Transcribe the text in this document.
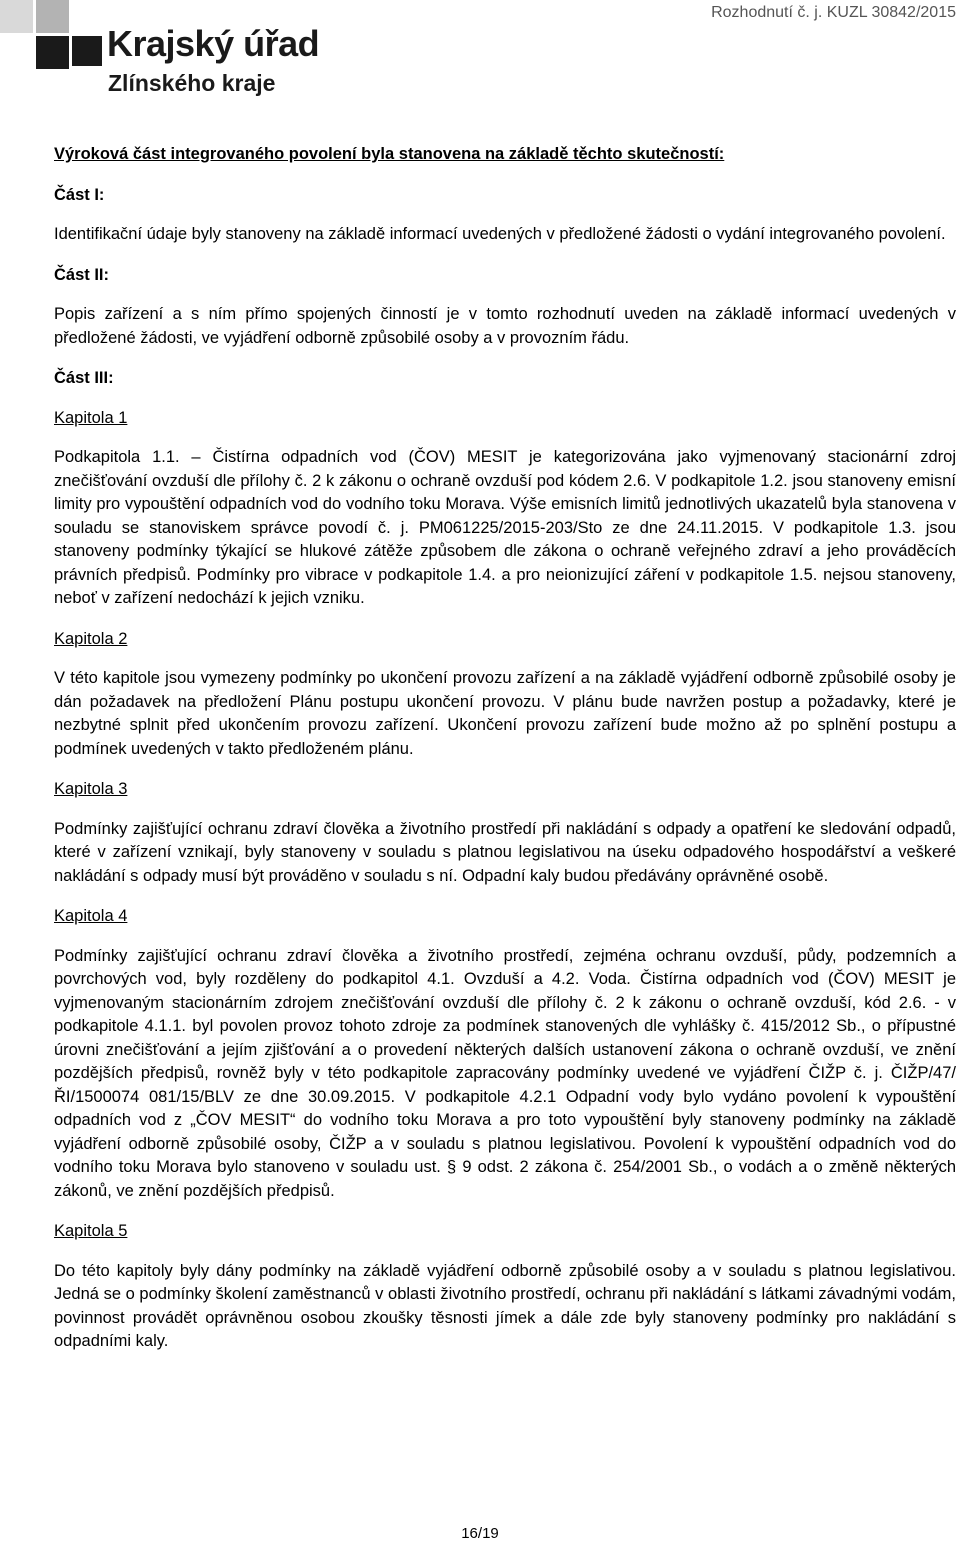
Krajský úřad
Zlínského kraje
Rozhodnutí č. j. KUZL 30842/2015

Výroková část integrovaného povolení byla stanovena na základě těchto skutečností:

Část I:

Identifikační údaje byly stanoveny na základě informací uvedených v předložené žádosti o vydání integrovaného povolení.

Část II:

Popis zařízení a s ním přímo spojených činností je v tomto rozhodnutí uveden na základě informací uvedených v předložené žádosti, ve vyjádření odborně způsobilé osoby a v provozním řádu.

Část III:

Kapitola 1

Podkapitola 1.1. – Čistírna odpadních vod (ČOV) MESIT je kategorizována jako vyjmenovaný stacionární zdroj znečišťování ovzduší dle přílohy č. 2 k zákonu o ochraně ovzduší pod kódem 2.6. V podkapitole 1.2. jsou stanoveny emisní limity pro vypouštění odpadních vod do vodního toku Morava. Výše emisních limitů jednotlivých ukazatelů byla stanovena v souladu se stanoviskem správce povodí č. j. PM061225/2015-203/Sto ze dne 24.11.2015. V podkapitole 1.3. jsou stanoveny podmínky týkající se hlukové zátěže způsobem dle zákona o ochraně veřejného zdraví a jeho prováděcích právních předpisů. Podmínky pro vibrace v podkapitole 1.4. a pro neionizující záření v podkapitole 1.5. nejsou stanoveny, neboť v zařízení nedochází k jejich vzniku.

Kapitola 2

V této kapitole jsou vymezeny podmínky po ukončení provozu zařízení a na základě vyjádření odborně způsobilé osoby je dán požadavek na předložení Plánu postupu ukončení provozu. V plánu bude navržen postup a požadavky, které je nezbytné splnit před ukončením provozu zařízení. Ukončení provozu zařízení bude možno až po splnění postupu a podmínek uvedených v takto předloženém plánu.

Kapitola 3

Podmínky zajišťující ochranu zdraví člověka a životního prostředí při nakládání s odpady a opatření ke sledování odpadů, které v zařízení vznikají, byly stanoveny v souladu s platnou legislativou na úseku odpadového hospodářství a veškeré nakládání s odpady musí být prováděno v souladu s ní. Odpadní kaly budou předávány oprávněné osobě.

Kapitola 4

Podmínky zajišťující ochranu zdraví člověka a životního prostředí, zejména ochranu ovzduší, půdy, podzemních a povrchových vod, byly rozděleny do podkapitol 4.1. Ovzduší a 4.2. Voda. Čistírna odpadních vod (ČOV) MESIT je vyjmenovaným stacionárním zdrojem znečišťování ovzduší dle přílohy č. 2 k zákonu o ochraně ovzduší, kód 2.6. - v podkapitole 4.1.1. byl povolen provoz tohoto zdroje za podmínek stanovených dle vyhlášky č. 415/2012 Sb., o přípustné úrovni znečišťování a jejím zjišťování a o provedení některých dalších ustanovení zákona o ochraně ovzduší, ve znění pozdějších předpisů, rovněž byly v této podkapitole zapracovány podmínky uvedené ve vyjádření ČIŽP č. j. ČIŽP/47/ŘI/1500074 081/15/BLV ze dne 30.09.2015. V podkapitole 4.2.1 Odpadní vody bylo vydáno povolení k vypouštění odpadních vod z „ČOV MESIT“ do vodního toku Morava a pro toto vypouštění byly stanoveny podmínky na základě vyjádření odborně způsobilé osoby, ČIŽP a v souladu s platnou legislativou. Povolení k vypouštění odpadních vod do vodního toku Morava bylo stanoveno v souladu ust. § 9 odst. 2 zákona č. 254/2001 Sb., o vodách a o změně některých zákonů, ve znění pozdějších předpisů.

Kapitola 5

Do této kapitoly byly dány podmínky na základě vyjádření odborně způsobilé osoby a v souladu s platnou legislativou. Jedná se o podmínky školení zaměstnanců v oblasti životního prostředí, ochranu při nakládání s látkami závadnými vodám, povinnost provádět oprávněnou osobou zkoušky těsnosti jímek a dále zde byly stanoveny podmínky pro nakládání s odpadními kaly.

16/19
